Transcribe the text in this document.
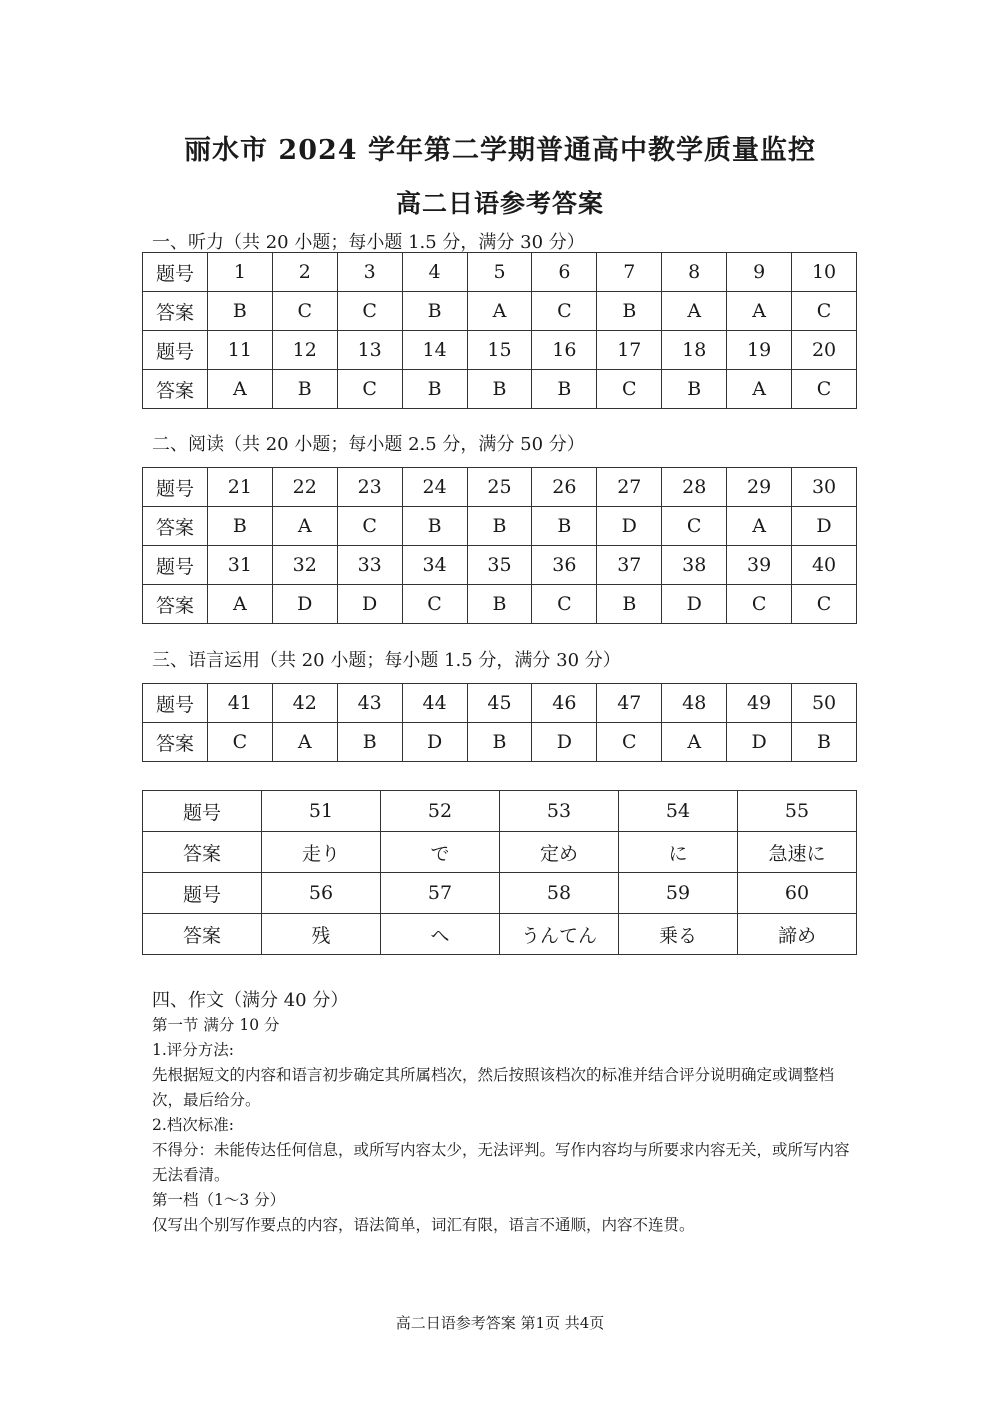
丽水市 2024 学年第二学期普通高中教学质量监控
高二日语参考答案
一、听力（共 20 小题；每小题 1.5 分，满分 30 分）
题号	1	2	3	4	5	6	7	8	9	10
答案	B	C	C	B	A	C	B	A	A	C
题号	11	12	13	14	15	16	17	18	19	20
答案	A	B	C	B	B	B	C	B	A	C
二、阅读（共 20 小题；每小题 2.5 分，满分 50 分）
题号	21	22	23	24	25	26	27	28	29	30
答案	B	A	C	B	B	B	D	C	A	D
题号	31	32	33	34	35	36	37	38	39	40
答案	A	D	D	C	B	C	B	D	C	C
三、语言运用（共 20 小题；每小题 1.5 分，满分 30 分）
题号	41	42	43	44	45	46	47	48	49	50
答案	C	A	B	D	B	D	C	A	D	B
题号	51	52	53	54	55
答案	走り	で	定め	に	急速に
题号	56	57	58	59	60
答案	残	へ	うんてん	乗る	諦め
四、作文（满分 40 分）
第一节 满分 10 分
1.评分方法:
先根据短文的内容和语言初步确定其所属档次，然后按照该档次的标准并结合评分说明确定或调整档次，最后给分。
2.档次标准:
不得分：未能传达任何信息，或所写内容太少，无法评判。写作内容均与所要求内容无关，或所写内容无法看清。
第一档（1～3 分）
仅写出个别写作要点的内容，语法简单，词汇有限，语言不通顺，内容不连贯。
高二日语参考答案 第1页 共4页
